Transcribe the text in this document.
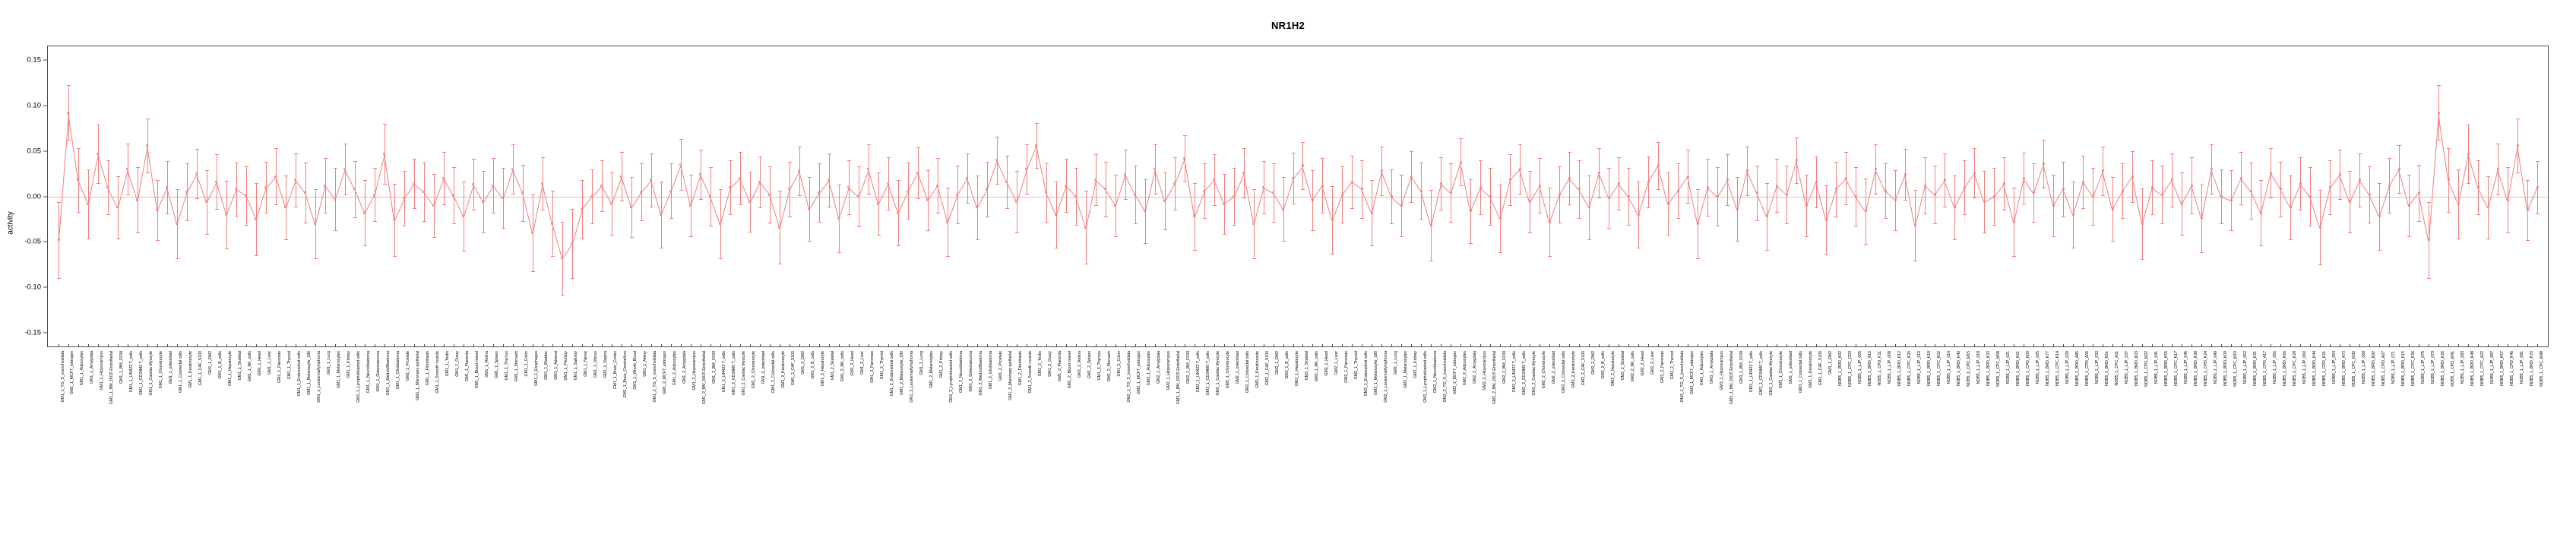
NR1H2
activity
-0.15
-0.10
-0.05
0.00
0.05
0.10
0.15
GM1_1_TG_S_bronchodilata GM1_1_MCF7_estrogen GM1_1_Adipocytes GM1_1_Amygdala GM1_1_Hippocampus GM1_1_BM_D015 Endothelial GM1_1_BM_C034 GM1_1_LIN422 T_cells GM1_1_CD34M0 T_cells GM1_1_Cardiac Myocyte GM1_1_Chondrocyte GM1_1_osteoblast GM1_1_Colorectal cells GM1_1_Keratinocyte GM1_1_CAF_S100 GM1_1_DM2 GM1_1_B_cells GM1_1_Hepatocyte GM1_1_Skeletal GM1_1_NK_cells GM1_1_Heart GM1_1_Liver GM1_1_Pancreas GM1_1_Thyroid GM1_1_Endometrial cells GM1_1_Melanocyte_180 GM1_1_Leukemia/lymphoma GM1_1_Lung GM1_1_Melanocytes GM1_1_Kidney GM1_1_Lymphoblastoid cells GM1_1_Neuroblastoma GM1_1_Osteosarcoma GM1_1_MeduloBlastoma GM1_1_Glioblastoma GM1_1_Prostate GM1_1_Mammary epithelial GM1_1_Fibroblasts GM1_1_Smooth muscle GM1_1_Testis GM1_1_Ovary GM1_1_Placenta GM1_1_Blood vessel GM1_1_Retina GM1_1_Spleen GM1_1_Thymus GM1_1_Stomach GM1_1_Colon GM1_1_Esophagus GM1_1_Bladder GM1_1_Adrenal GM1_1_Pituitary GM1_1_Salivary GM1_1_Nerve GM1_1_Uterus GM1_1_Vagina GM1_1_Brain_Cortex GM1_1_Brain_Cerebellum GM1_1_Whole_Blood GM1_1_Artery GM1_2_TG_S_bronchodilata GM1_2_MCF7_estrogen GM1_2_Adipocytes GM1_2_Amygdala GM1_2_Hippocampus GM1_2_BM_D015 Endothelial GM1_2_BM_C034 GM1_2_LIN422 T_cells GM1_2_CD34M0 T_cells GM1_2_Cardiac Myocyte GM1_2_Chondrocyte GM1_2_osteoblast GM1_2_Colorectal cells GM1_2_Keratinocyte GM1_2_CAF_S100 GM1_2_DM2 GM1_2_B_cells GM1_2_Hepatocyte GM1_2_Skeletal GM1_2_NK_cells GM1_2_Heart GM1_2_Liver GM1_2_Pancreas GM1_2_Thyroid GM1_2_Endometrial cells GM1_2_Melanocyte_180 GM1_2_Leukemia/lymphoma GM1_2_Lung GM1_2_Melanocytes GM1_2_Kidney GM1_2_Lymphoblastoid cells GM1_2_Neuroblastoma GM1_2_Osteosarcoma GM1_2_MeduloBlastoma GM1_2_Glioblastoma GM1_2_Prostate GM1_2_Mammary epithelial GM1_2_Fibroblasts GM1_2_Smooth muscle GM1_2_Testis GM1_2_Ovary GM1_2_Placenta GM1_2_Blood vessel GM1_2_Retina GM1_2_Spleen GM1_2_Thymus GM1_2_Stomach GM1_2_Colon GM2_1_TG_S_bronchodilata GM2_1_MCF7_estrogen GM2_1_Adipocytes GM2_1_Amygdala GM2_1_Hippocampus GM2_1_BM_D015 Endothelial GM2_1_BM_C034 GM2_1_LIN422 T_cells GM2_1_CD34M0 T_cells GM2_1_Cardiac Myocyte GM2_1_Chondrocyte GM2_1_osteoblast GM2_1_Colorectal cells GM2_1_Keratinocyte GM2_1_CAF_S100 GM2_1_DM2 GM2_1_B_cells GM2_1_Hepatocyte GM2_1_Skeletal GM2_1_NK_cells GM2_1_Heart GM2_1_Liver GM2_1_Pancreas GM2_1_Thyroid GM2_1_Endometrial cells GM2_1_Melanocyte_180 GM2_1_Leukemia/lymphoma GM2_1_Lung GM2_1_Melanocytes GM2_1_Kidney GM2_1_Lymphoblastoid cells GM2_1_Neuroblastoma GM2_2_TG_S_bronchodilata GM2_2_MCF7_estrogen GM2_2_Adipocytes GM2_2_Amygdala GM2_2_Hippocampus GM2_2_BM_D015 Endothelial GM2_2_BM_C034 GM2_2_LIN422 T_cells GM2_2_CD34M0 T_cells GM2_2_Cardiac Myocyte GM2_2_Chondrocyte GM2_2_osteoblast GM2_2_Colorectal cells GM2_2_Keratinocyte GM2_2_CAF_S100 GM2_2_DM2 GM2_2_B_cells GM2_2_Hepatocyte GM2_2_Skeletal GM2_2_NK_cells GM2_2_Heart GM2_2_Liver GM2_2_Pancreas GM2_2_Thyroid GM3_1_TG_S_bronchodilata GM3_1_MCF7_estrogen GM3_1_Adipocytes GM3_1_Amygdala GM3_1_Hippocampus GM3_1_BM_D015 Endothelial GM3_1_BM_C034 GM3_1_LIN422 T_cells GM3_1_CD34M0 T_cells GM3_1_Cardiac Myocyte GM3_1_Chondrocyte GM3_1_osteoblast GM3_1_Colorectal cells GM3_1_Keratinocyte GM3_1_CAF_S100 GM3_1_DM2 NOB5_1_BRD_K92 NOB5_1_CPC_CD3 NOB5_1_LJP_005 NOB5_1_BRD_A10 NOB5_1_CPD_K11 NOB5_1_LJP_008 NOB5_1_BRD_K12 NOB5_1_CPC_K20 NOB5_1_LJP_010 NOB5_1_BRD_K18 NOB5_1_CPC_K02 NOB5_1_LJP_014 NOB5_1_BRD_K40 NOB5_1_CPD_M15 NOB5_1_LJP_018 NOB5_1_BRD_K33 NOB5_1_CPC_M08 NOB5_1_LJP_021 NOB5_1_BRD_K61 NOB5_1_CPD_K09 NOB5_1_LJP_025 NOB5_1_BRD_K77 NOB5_1_CPC_K14 NOB5_1_LJP_029 NOB5_1_BRD_A85 NOB5_1_CPD_A06 NOB5_1_LJP_033 NOB5_1_BRD_K51 NOB5_1_CPC_A11 NOB5_1_LJP_037 NOB5_1_BRD_K03 NOB5_1_CPD_M22 NOB5_1_LJP_041 NOB5_1_BRD_K55 NOB5_1_CPC_K17 NOB5_1_LJP_045 NOB5_1_BRD_K38 NOB5_1_CPD_K24 NOB5_1_LJP_049 NOB5_1_BRD_K09 NOB5_1_CPC_M19 NOB5_1_LJP_052 NOB5_1_BRD_K21 NOB5_1_CPD_A17 NOB5_1_LJP_056 NOB5_1_BRD_K66 NOB5_1_CPC_K28 NOB5_1_LJP_060 NOB5_1_BRD_K44 NOB5_1_CPD_K31 NOB5_1_LJP_064 NOB5_1_BRD_A73 NOB5_1_CPC_M30 NOB5_1_LJP_068 NOB5_1_BRD_K82 NOB5_1_CPD_A27 NOB5_1_LJP_071 NOB5_1_BRD_K15 NOB5_1_CPC_K36 NOB5_1_LJP_075 NOB5_1_LJP_079 NOB5_1_BRD_K26 NOB5_1_CPD_M41 NOB5_1_LJP_083 NOB5_1_BRD_K48 NOB5_1_CPC_A22 NOB5_1_LJP_087 NOB5_1_BRD_K57 NOB5_1_CPD_K45 NOB5_1_LJP_091 NOB5_1_BRD_K70 NOB5_1_CPC_M48
